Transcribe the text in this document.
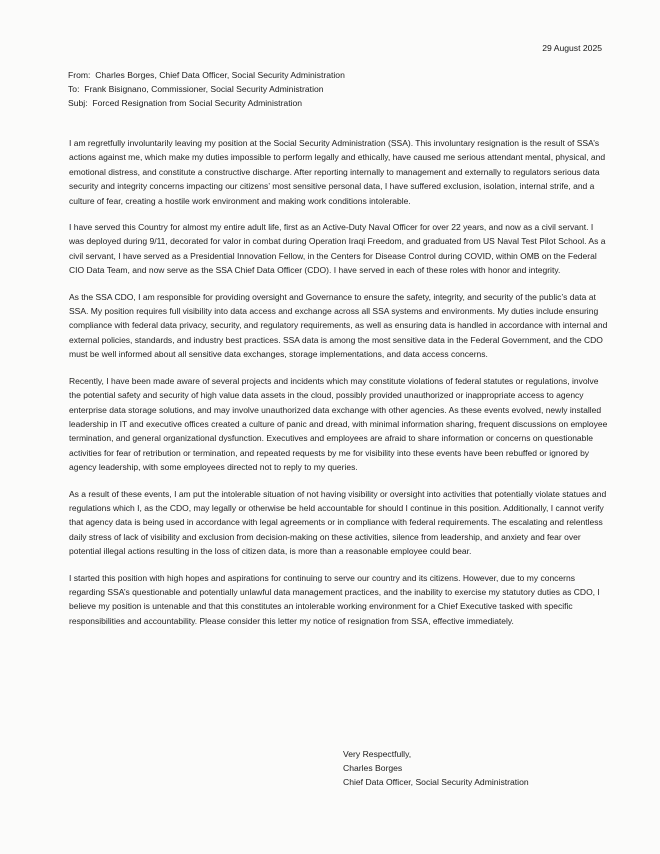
29 August 2025
From: Charles Borges, Chief Data Officer, Social Security Administration
To: Frank Bisignano, Commissioner, Social Security Administration
Subj: Forced Resignation from Social Security Administration

I am regretfully involuntarily leaving my position at the Social Security Administration (SSA). This involuntary resignation is the result of SSA’s actions against me, which make my duties impossible to perform legally and ethically, have caused me serious attendant mental, physical, and emotional distress, and constitute a constructive discharge. After reporting internally to management and externally to regulators serious data security and integrity concerns impacting our citizens’ most sensitive personal data, I have suffered exclusion, isolation, internal strife, and a culture of fear, creating a hostile work environment and making work conditions intolerable.

I have served this Country for almost my entire adult life, first as an Active-Duty Naval Officer for over 22 years, and now as a civil servant. I was deployed during 9/11, decorated for valor in combat during Operation Iraqi Freedom, and graduated from US Naval Test Pilot School. As a civil servant, I have served as a Presidential Innovation Fellow, in the Centers for Disease Control during COVID, within OMB on the Federal CIO Data Team, and now serve as the SSA Chief Data Officer (CDO). I have served in each of these roles with honor and integrity.

As the SSA CDO, I am responsible for providing oversight and Governance to ensure the safety, integrity, and security of the public’s data at SSA. My position requires full visibility into data access and exchange across all SSA systems and environments. My duties include ensuring compliance with federal data privacy, security, and regulatory requirements, as well as ensuring data is handled in accordance with internal and external policies, standards, and industry best practices. SSA data is among the most sensitive data in the Federal Government, and the CDO must be well informed about all sensitive data exchanges, storage implementations, and data access concerns.

Recently, I have been made aware of several projects and incidents which may constitute violations of federal statutes or regulations, involve the potential safety and security of high value data assets in the cloud, possibly provided unauthorized or inappropriate access to agency enterprise data storage solutions, and may involve unauthorized data exchange with other agencies. As these events evolved, newly installed leadership in IT and executive offices created a culture of panic and dread, with minimal information sharing, frequent discussions on employee termination, and general organizational dysfunction. Executives and employees are afraid to share information or concerns on questionable activities for fear of retribution or termination, and repeated requests by me for visibility into these events have been rebuffed or ignored by agency leadership, with some employees directed not to reply to my queries.

As a result of these events, I am put the intolerable situation of not having visibility or oversight into activities that potentially violate statues and regulations which I, as the CDO, may legally or otherwise be held accountable for should I continue in this position. Additionally, I cannot verify that agency data is being used in accordance with legal agreements or in compliance with federal requirements. The escalating and relentless daily stress of lack of visibility and exclusion from decision-making on these activities, silence from leadership, and anxiety and fear over potential illegal actions resulting in the loss of citizen data, is more than a reasonable employee could bear.

I started this position with high hopes and aspirations for continuing to serve our country and its citizens. However, due to my concerns regarding SSA’s questionable and potentially unlawful data management practices, and the inability to exercise my statutory duties as CDO, I believe my position is untenable and that this constitutes an intolerable working environment for a Chief Executive tasked with specific responsibilities and accountability. Please consider this letter my notice of resignation from SSA, effective immediately.

Very Respectfully,
Charles Borges
Chief Data Officer, Social Security Administration
